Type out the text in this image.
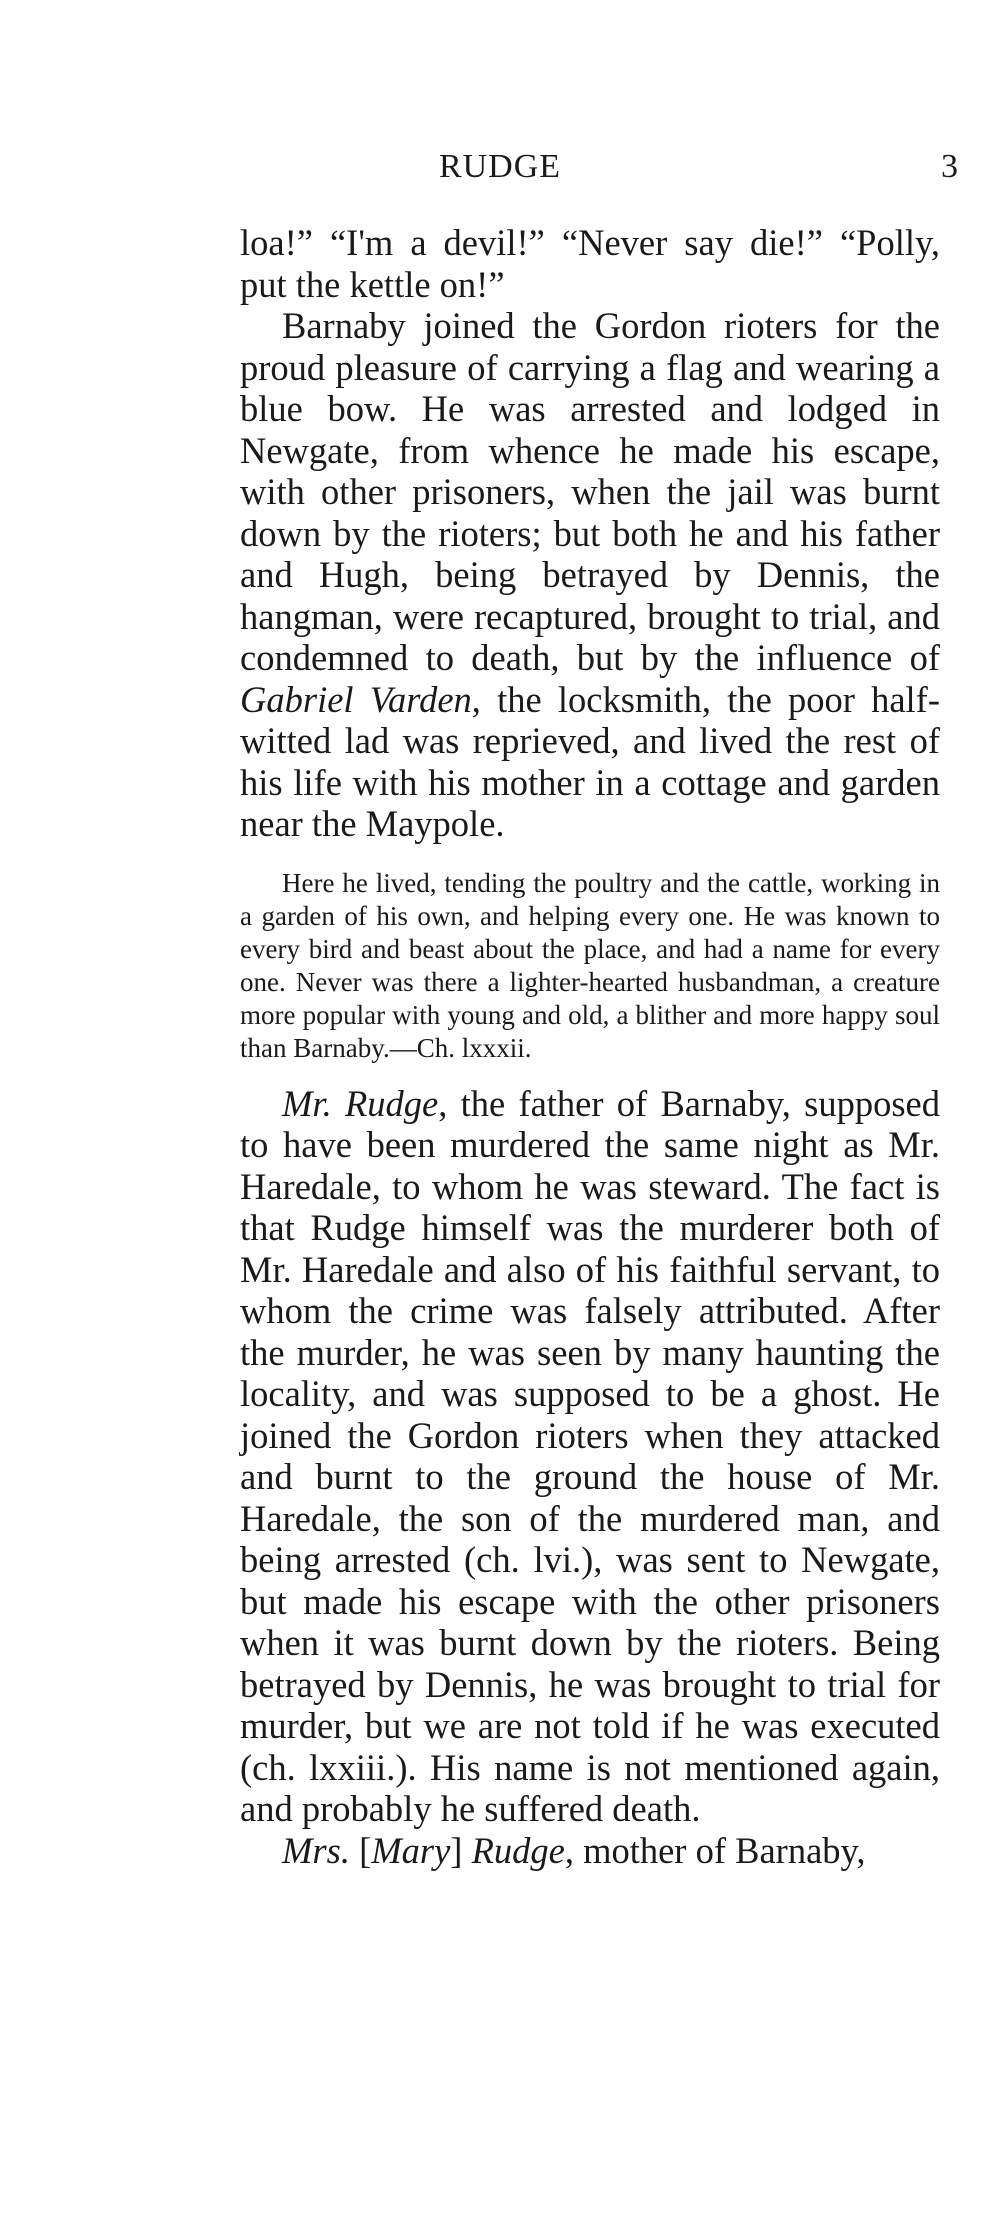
RUDGE	3

loa!” “I'm a devil!” “Never say die!” “Polly, put the kettle on!”

Barnaby joined the Gordon rioters for the proud pleasure of carrying a flag and wearing a blue bow. He was arrested and lodged in Newgate, from whence he made his escape, with other prisoners, when the jail was burnt down by the rioters; but both he and his father and Hugh, being betrayed by Dennis, the hangman, were recaptured, brought to trial, and condemned to death, but by the influence of Gabriel Varden, the locksmith, the poor half-witted lad was reprieved, and lived the rest of his life with his mother in a cottage and garden near the Maypole.

Here he lived, tending the poultry and the cattle, working in a garden of his own, and helping every one. He was known to every bird and beast about the place, and had a name for every one. Never was there a lighter-hearted husbandman, a creature more popular with young and old, a blither and more happy soul than Barnaby.—Ch. lxxxii.

Mr. Rudge, the father of Barnaby, supposed to have been murdered the same night as Mr. Haredale, to whom he was steward. The fact is that Rudge himself was the murderer both of Mr. Haredale and also of his faithful servant, to whom the crime was falsely attributed. After the murder, he was seen by many haunting the locality, and was supposed to be a ghost. He joined the Gordon rioters when they attacked and burnt to the ground the house of Mr. Haredale, the son of the murdered man, and being arrested (ch. lvi.), was sent to Newgate, but made his escape with the other prisoners when it was burnt down by the rioters. Being betrayed by Dennis, he was brought to trial for murder, but we are not told if he was executed (ch. lxxiii.). His name is not mentioned again, and probably he suffered death.

Mrs. [Mary] Rudge, mother of Barnaby,
